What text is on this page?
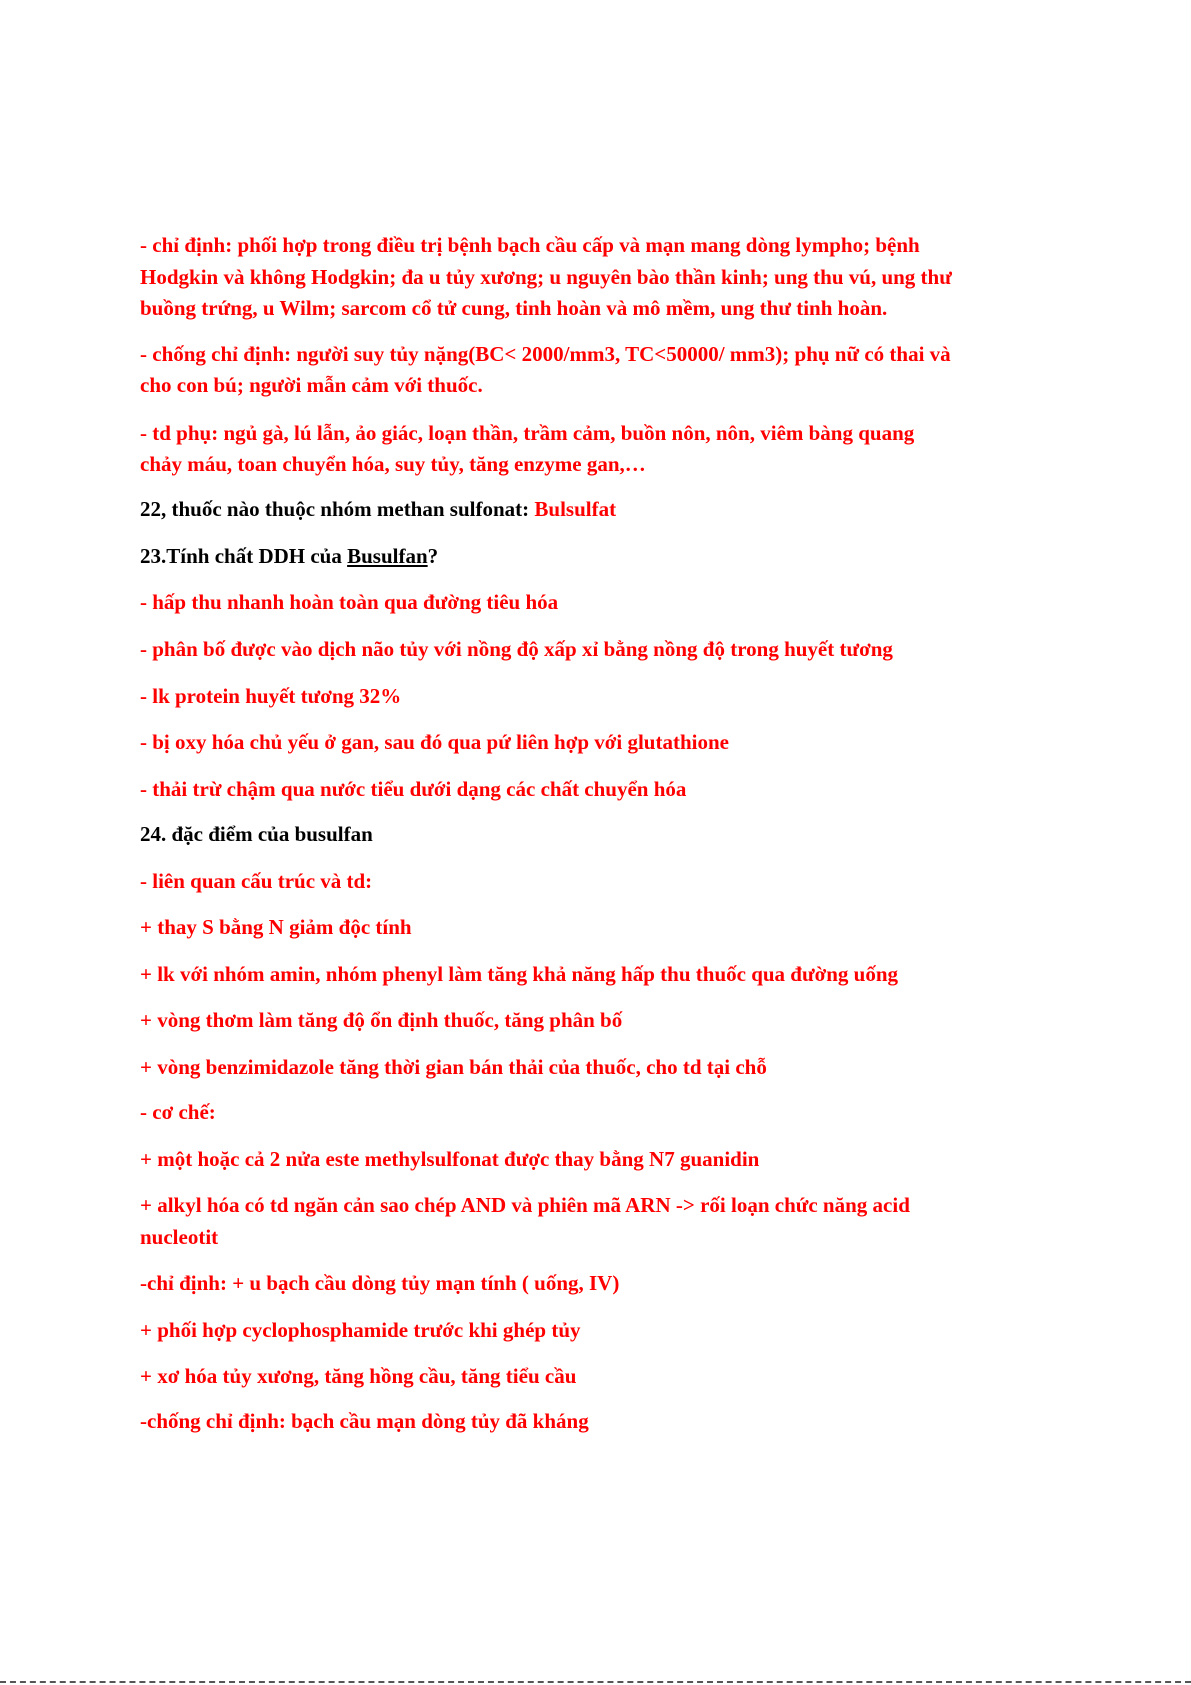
- chỉ định: phối hợp trong điều trị bệnh bạch cầu cấp và mạn mang dòng lympho; bệnh
Hodgkin và không Hodgkin; đa u tủy xương; u nguyên bào thần kinh; ung thu vú, ung thư
buồng trứng, u Wilm; sarcom cổ tử cung, tinh hoàn và mô mềm, ung thư tinh hoàn.
- chống chỉ định: người suy tủy nặng(BC< 2000/mm3, TC<50000/ mm3); phụ nữ có thai và
cho con bú; người mẫn cảm với thuốc.
- td phụ: ngủ gà, lú lẫn, ảo giác, loạn thần, trầm cảm, buồn nôn, nôn, viêm bàng quang
chảy máu, toan chuyển hóa, suy tủy, tăng enzyme gan,…
22, thuốc nào thuộc nhóm methan sulfonat: Bulsulfat
23.Tính chất DDH của Busulfan?
- hấp thu nhanh hoàn toàn qua đường tiêu hóa
- phân bố được vào dịch não tủy với nồng độ xấp xỉ bằng nồng độ trong huyết tương
- lk protein huyết tương 32%
- bị oxy hóa chủ yếu ở gan, sau đó qua pứ liên hợp với glutathione
- thải trừ chậm qua nước tiểu dưới dạng các chất chuyển hóa
24. đặc điểm của busulfan
- liên quan cấu trúc và td:
+ thay S bằng N giảm độc tính
+ lk với nhóm amin, nhóm phenyl làm tăng khả năng hấp thu thuốc qua đường uống
+ vòng thơm làm tăng độ ổn định thuốc, tăng phân bố
+ vòng benzimidazole tăng thời gian bán thải của thuốc, cho td tại chỗ
- cơ chế:
+ một hoặc cả 2 nửa este methylsulfonat được thay bằng N7 guanidin
+ alkyl hóa có td ngăn cản sao chép AND và phiên mã ARN -> rối loạn chức năng acid
nucleotit
-chỉ định: + u bạch cầu dòng tủy mạn tính ( uống, IV)
+ phối hợp cyclophosphamide trước khi ghép tủy
+ xơ hóa tủy xương, tăng hồng cầu, tăng tiểu cầu
-chống chỉ định: bạch cầu mạn dòng tủy đã kháng
